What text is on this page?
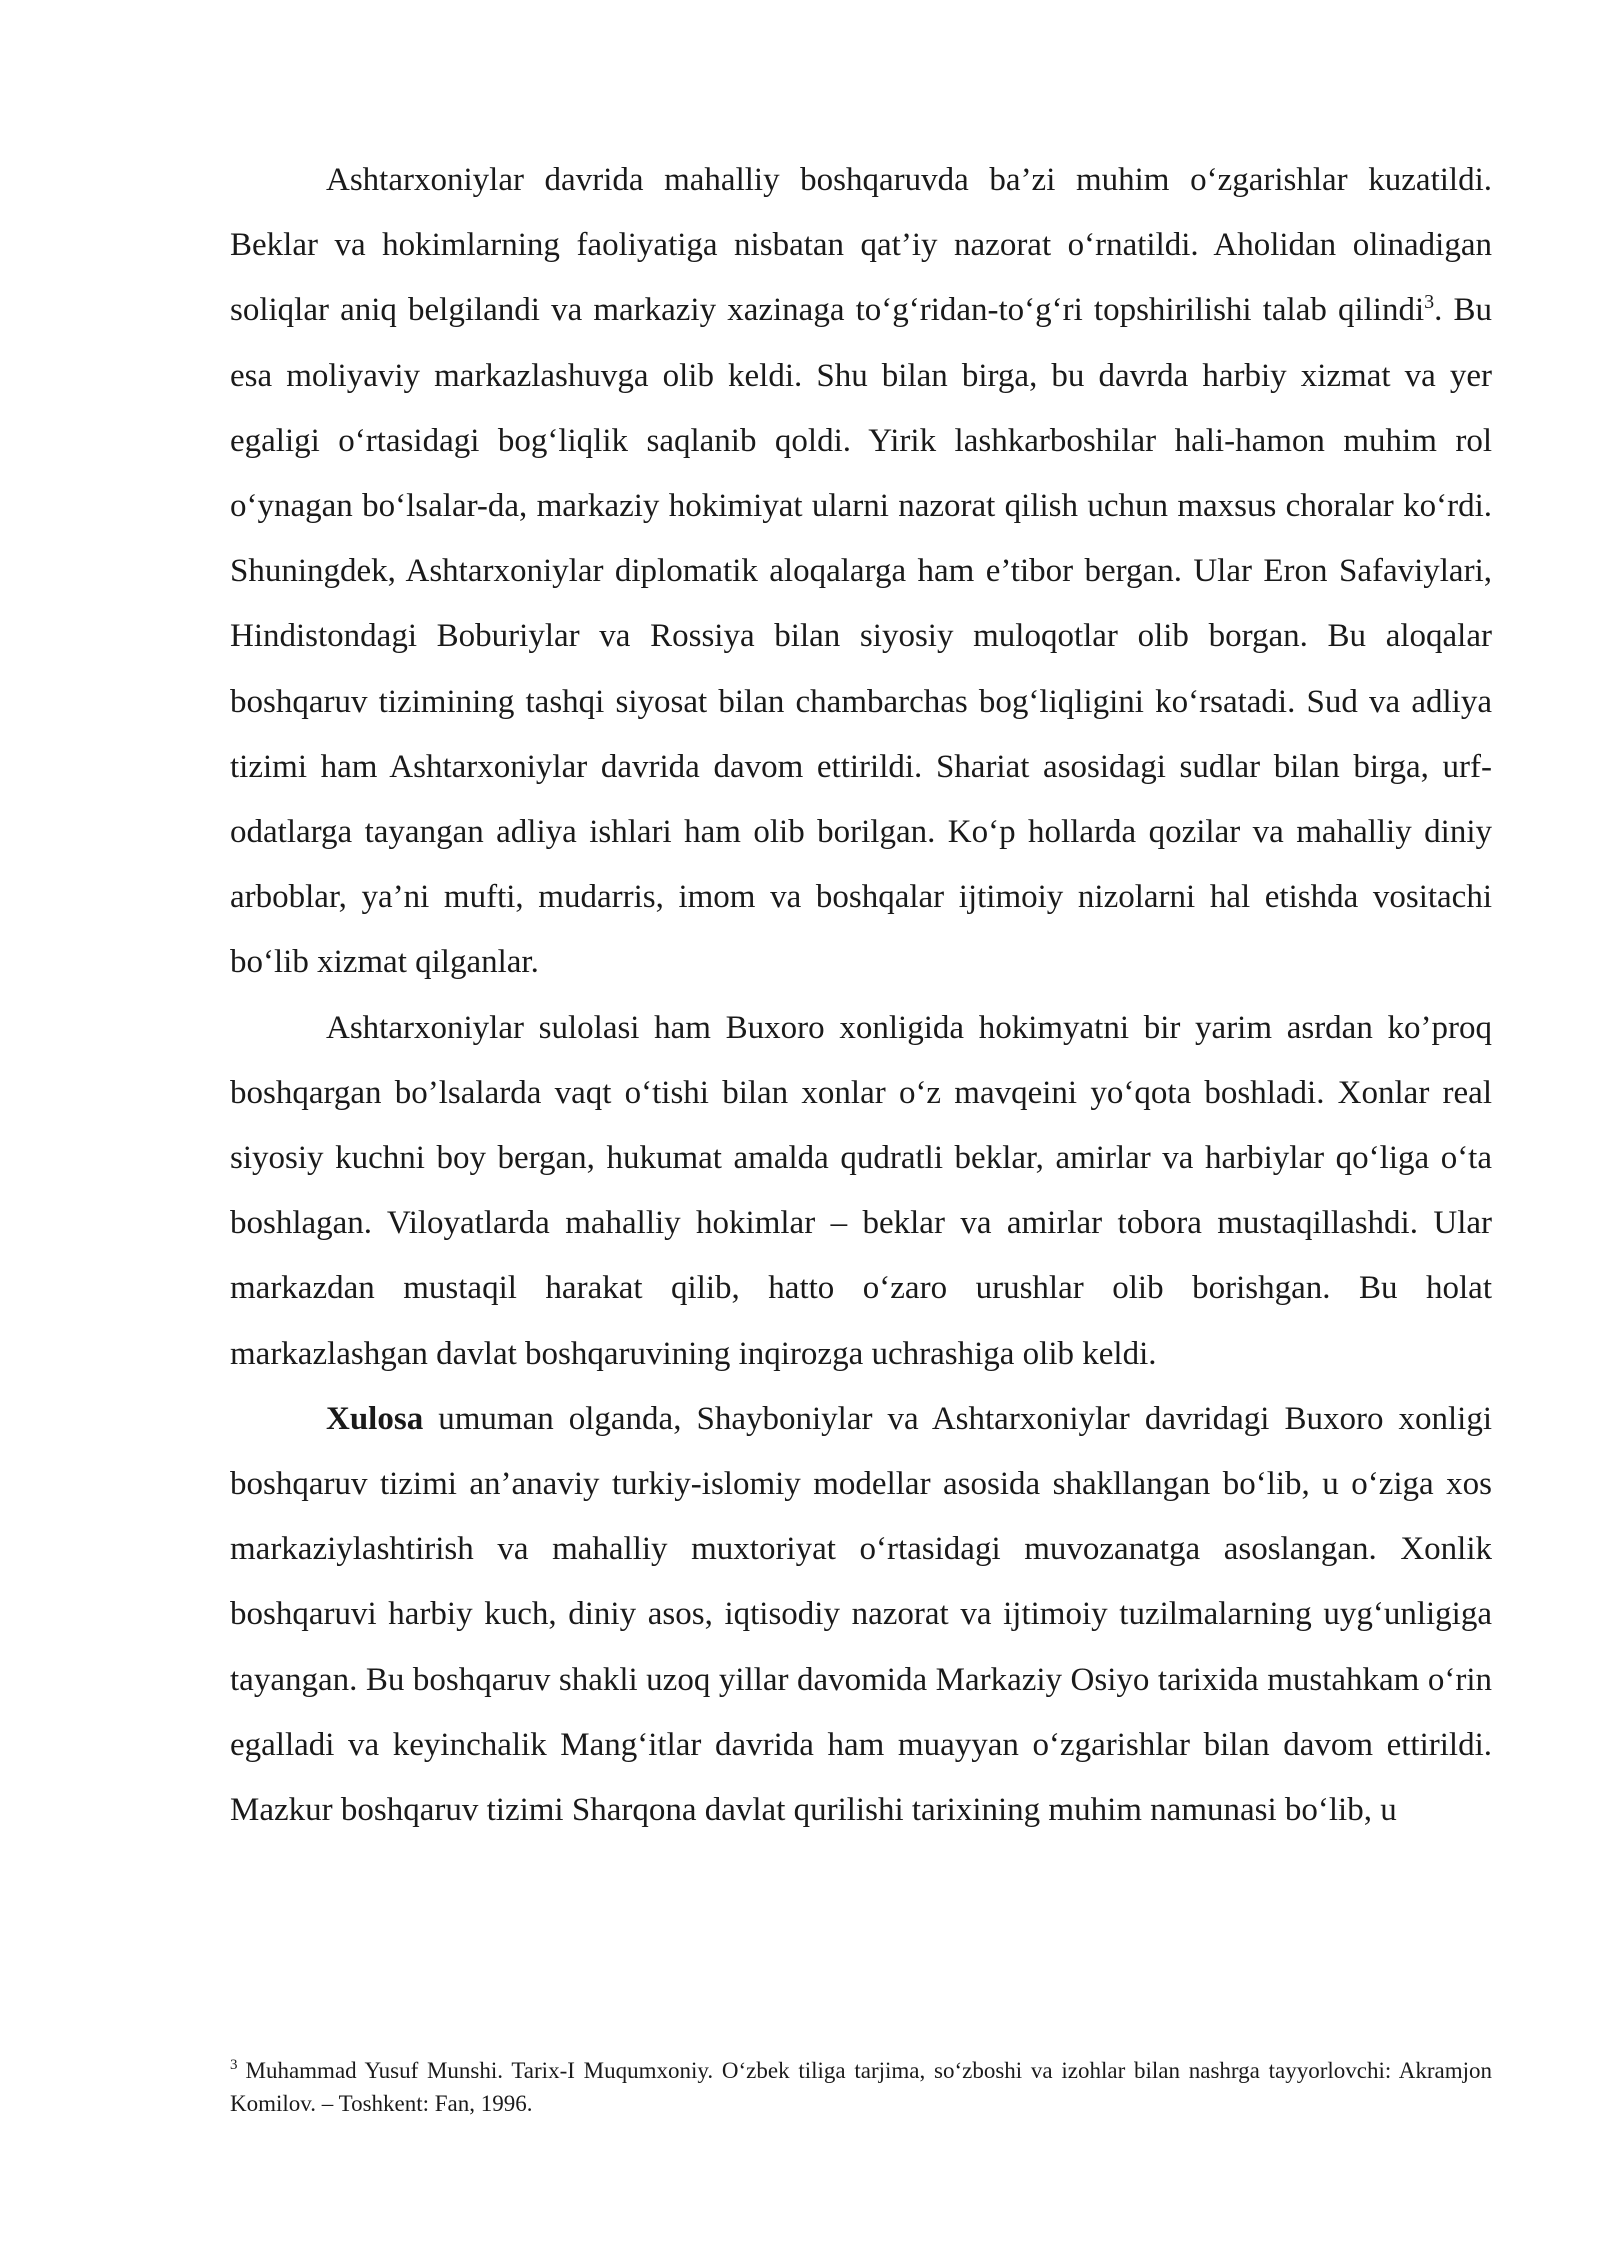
Ashtarxoniylar davrida mahalliy boshqaruvda ba’zi muhim o‘zgarishlar kuzatildi. Beklar va hokimlarning faoliyatiga nisbatan qat’iy nazorat o‘rnatildi. Aholidan olinadigan soliqlar aniq belgilandi va markaziy xazinaga to‘g‘ridan-to‘g‘ri topshirilishi talab qilindi$^3$. Bu esa moliyaviy markazlashuvga olib keldi. Shu bilan birga, bu davrda harbiy xizmat va yer egaligi o‘rtasidagi bog‘liqlik saqlanib qoldi. Yirik lashkarboshilar hali-hamon muhim rol o‘ynagan bo‘lsalar-da, markaziy hokimiyat ularni nazorat qilish uchun maxsus choralar ko‘rdi. Shuningdek, Ashtarxoniylar diplomatik aloqalarga ham e’tibor bergan. Ular Eron Safaviylari, Hindistondagi Boburiylar va Rossiya bilan siyosiy muloqotlar olib borgan. Bu aloqalar boshqaruv tizimining tashqi siyosat bilan chambarchas bog‘liqligini ko‘rsatadi. Sud va adliya tizimi ham Ashtarxoniylar davrida davom ettirildi. Shariat asosidagi sudlar bilan birga, urf-odatlarga tayangan adliya ishlari ham olib borilgan. Ko‘p hollarda qozilar va mahalliy diniy arboblar, ya’ni mufti, mudarris, imom va boshqalar ijtimoiy nizolarni hal etishda vositachi bo‘lib xizmat qilganlar.

Ashtarxoniylar sulolasi ham Buxoro xonligida hokimyatni bir yarim asrdan ko’proq boshqargan bo’lsalarda vaqt o‘tishi bilan xonlar o‘z mavqeini yo‘qota boshladi. Xonlar real siyosiy kuchni boy bergan, hukumat amalda qudratli beklar, amirlar va harbiylar qo‘liga o‘ta boshlagan. Viloyatlarda mahalliy hokimlar – beklar va amirlar tobora mustaqillashdi. Ular markazdan mustaqil harakat qilib, hatto o‘zaro urushlar olib borishgan. Bu holat markazlashgan davlat boshqaruvining inqirozga uchrashiga olib keldi.

Xulosa umuman olganda, Shayboniylar va Ashtarxoniylar davridagi Buxoro xonligi boshqaruv tizimi an’anaviy turkiy-islomiy modellar asosida shakllangan bo‘lib, u o‘ziga xos markaziylashtirish va mahalliy muxtoriyat o‘rtasidagi muvozanatga asoslangan. Xonlik boshqaruvi harbiy kuch, diniy asos, iqtisodiy nazorat va ijtimoiy tuzilmalarning uyg‘unligiga tayangan. Bu boshqaruv shakli uzoq yillar davomida Markaziy Osiyo tarixida mustahkam o‘rin egalladi va keyinchalik Mang‘itlar davrida ham muayyan o‘zgarishlar bilan davom ettirildi. Mazkur boshqaruv tizimi Sharqona davlat qurilishi tarixining muhim namunasi bo‘lib, u

$^3$ Muhammad Yusuf Munshi. Tarix-I Muqumxoniy. O‘zbek tiliga tarjima, so‘zboshi va izohlar bilan nashrga tayyorlovchi: Akramjon Komilov. – Toshkent: Fan, 1996.
